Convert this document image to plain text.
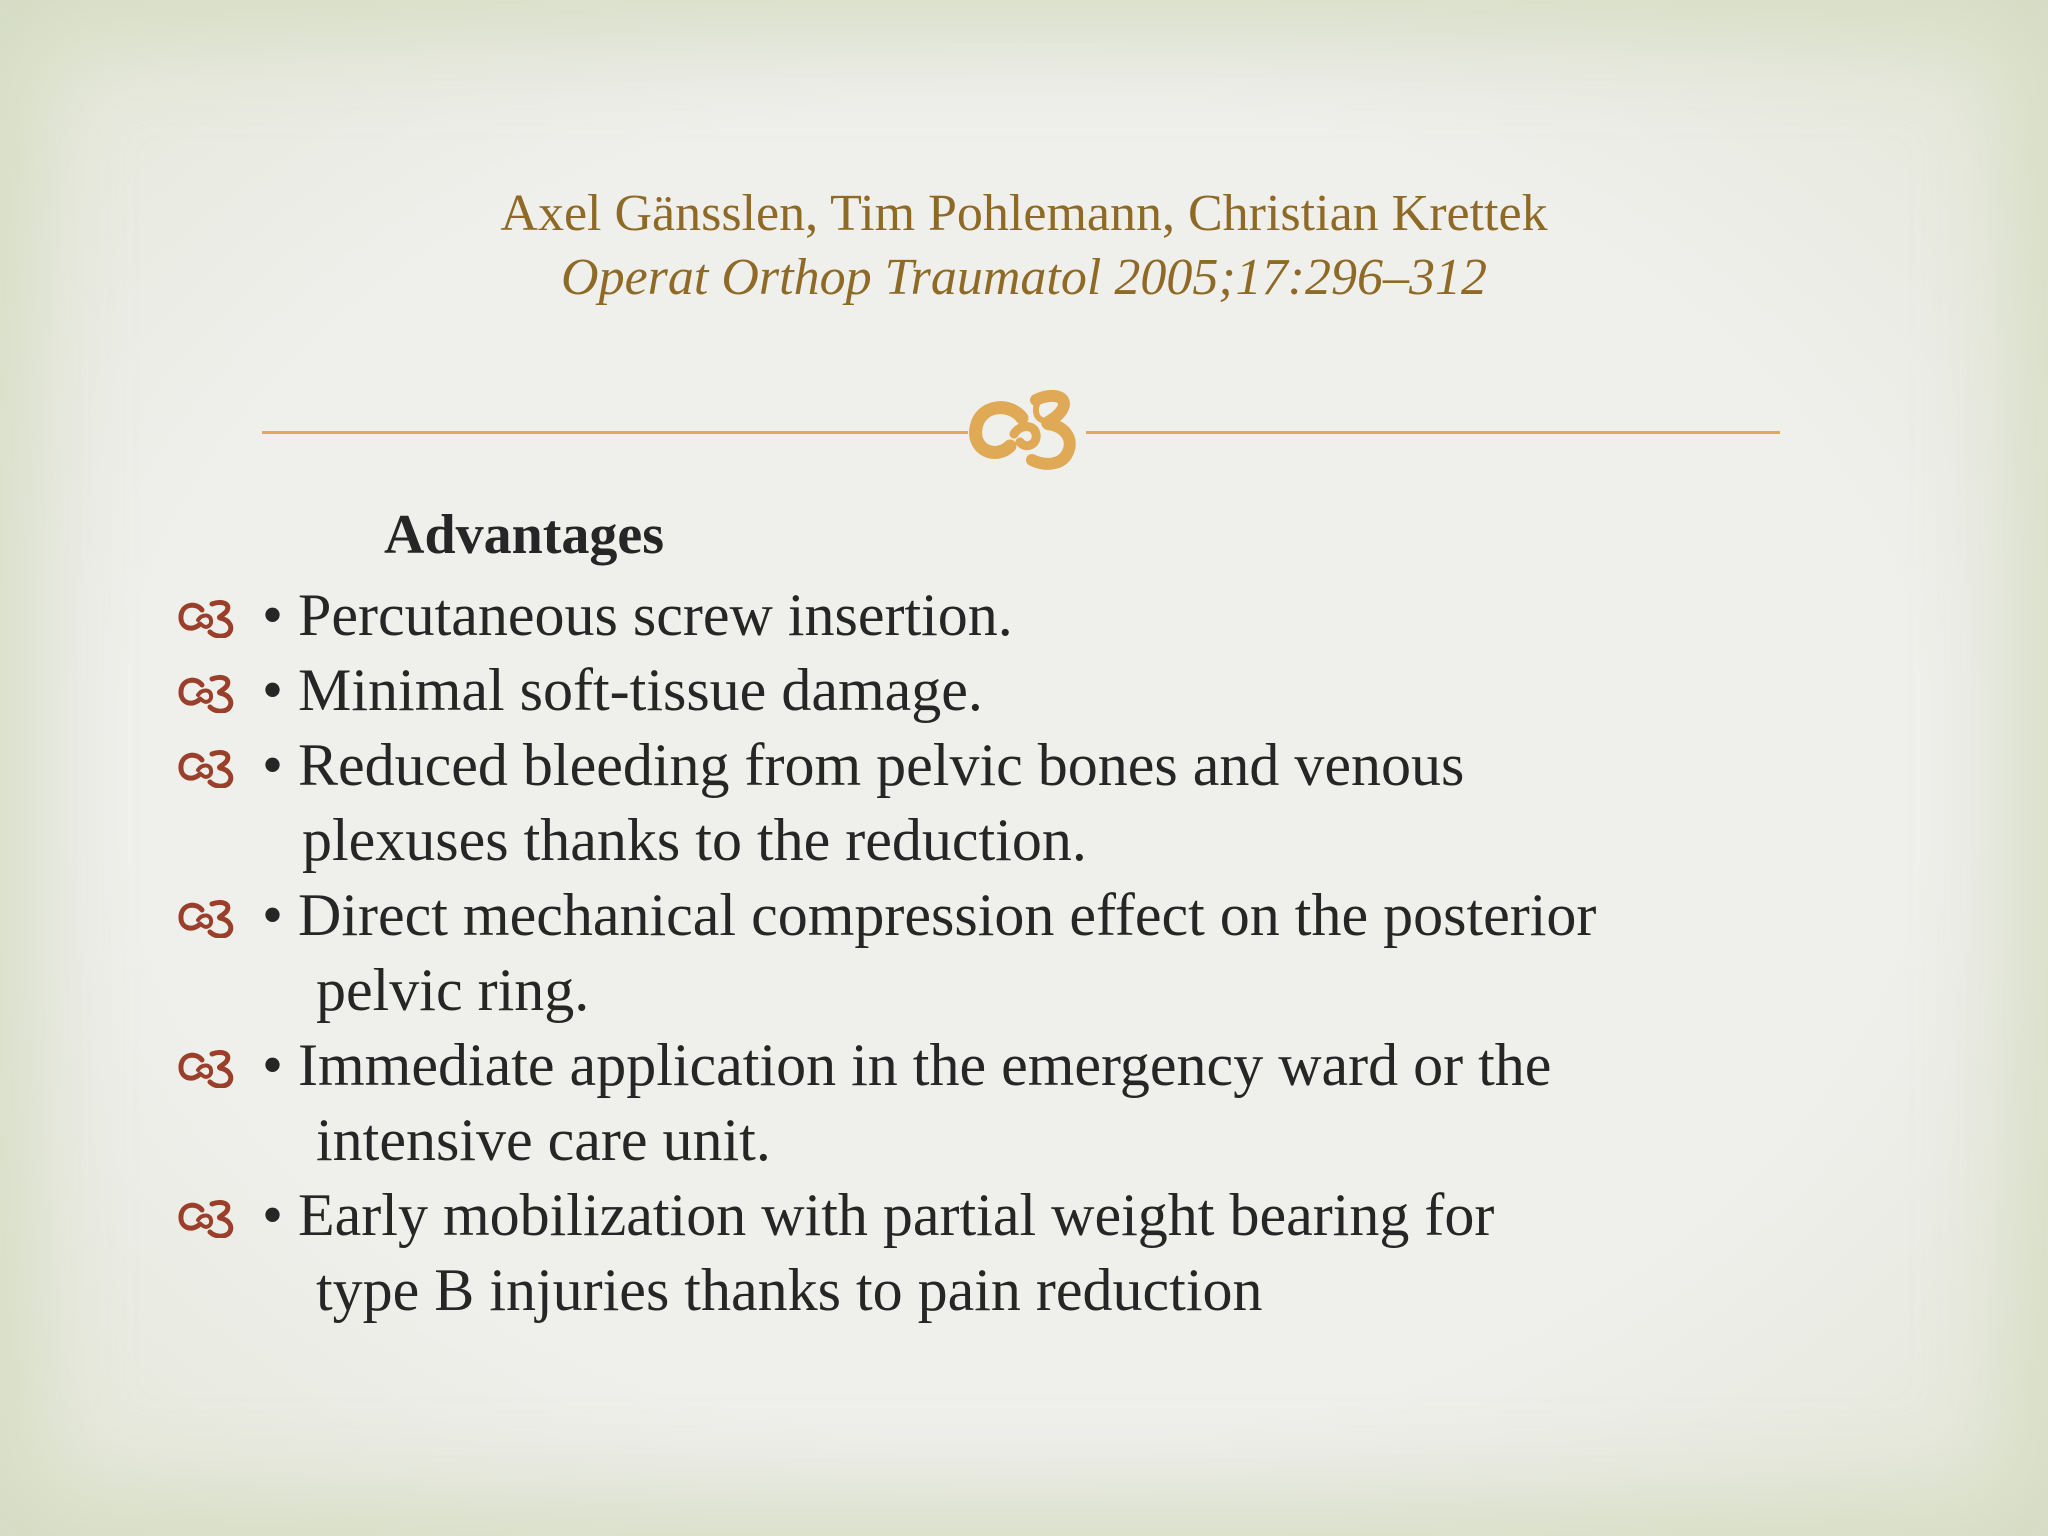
Axel Gänsslen, Tim Pohlemann, Christian Krettek
Operat Orthop Traumatol 2005;17:296–312
Advantages
• Percutaneous screw insertion.
• Minimal soft-tissue damage.
• Reduced bleeding from pelvic bones and venous
plexuses thanks to the reduction.
• Direct mechanical compression effect on the posterior
pelvic ring.
• Immediate application in the emergency ward or the
intensive care unit.
• Early mobilization with partial weight bearing for
type B injuries thanks to pain reduction
